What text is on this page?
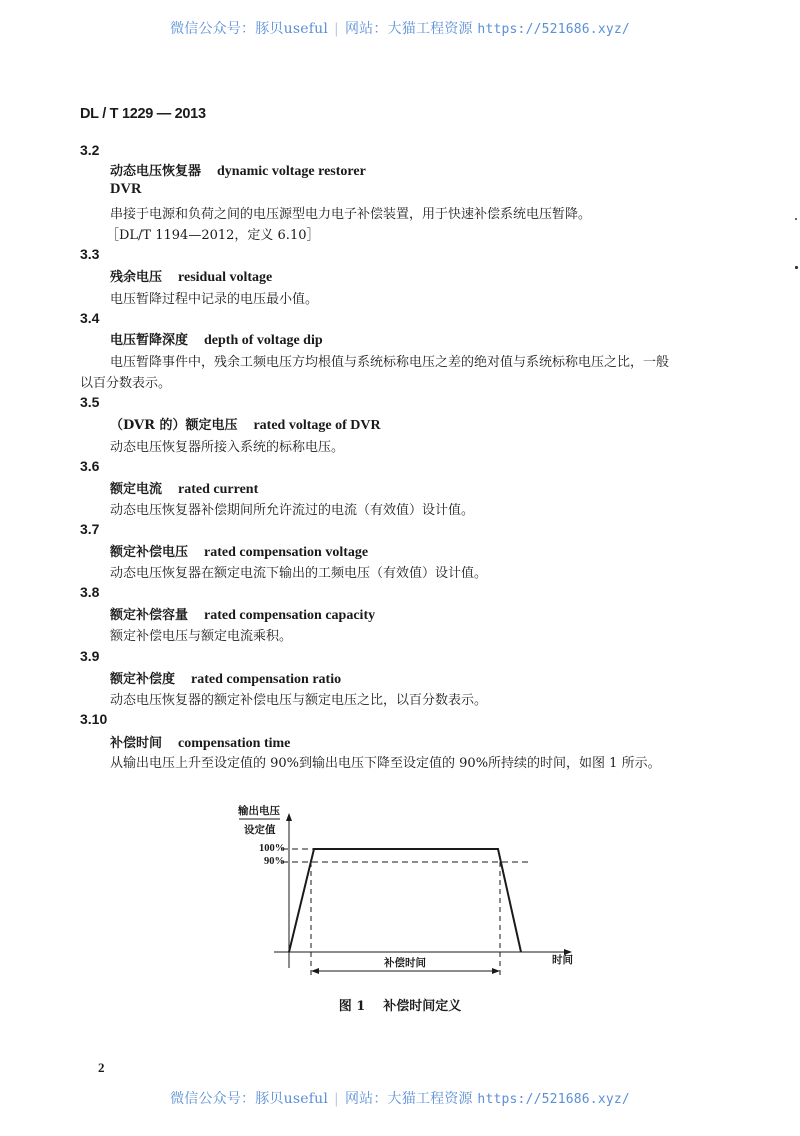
微信公众号：豚贝useful | 网站：大猫工程资源 https://521686.xyz/
DL / T 1229 — 2013
3.2
动态电压恢复器 dynamic voltage restorer
DVR
串接于电源和负荷之间的电压源型电力电子补偿装置，用于快速补偿系统电压暂降。
［DL/T 1194—2012，定义 6.10］
3.3
残余电压 residual voltage
电压暂降过程中记录的电压最小值。
3.4
电压暂降深度 depth of voltage dip
电压暂降事件中，残余工频电压方均根值与系统标称电压之差的绝对值与系统标称电压之比，一般
以百分数表示。
3.5
（DVR 的）额定电压 rated voltage of DVR
动态电压恢复器所接入系统的标称电压。
3.6
额定电流 rated current
动态电压恢复器补偿期间所允许流过的电流（有效值）设计值。
3.7
额定补偿电压 rated compensation voltage
动态电压恢复器在额定电流下输出的工频电压（有效值）设计值。
3.8
额定补偿容量 rated compensation capacity
额定补偿电压与额定电流乘积。
3.9
额定补偿度 rated compensation ratio
动态电压恢复器的额定补偿电压与额定电压之比，以百分数表示。
3.10
补偿时间 compensation time
从输出电压上升至设定值的 90%到输出电压下降至设定值的 90%所持续的时间，如图 1 所示。
输出电压
设定值
100%
90%
时间
补偿时间
图 1 补偿时间定义
2
微信公众号：豚贝useful | 网站：大猫工程资源 https://521686.xyz/
